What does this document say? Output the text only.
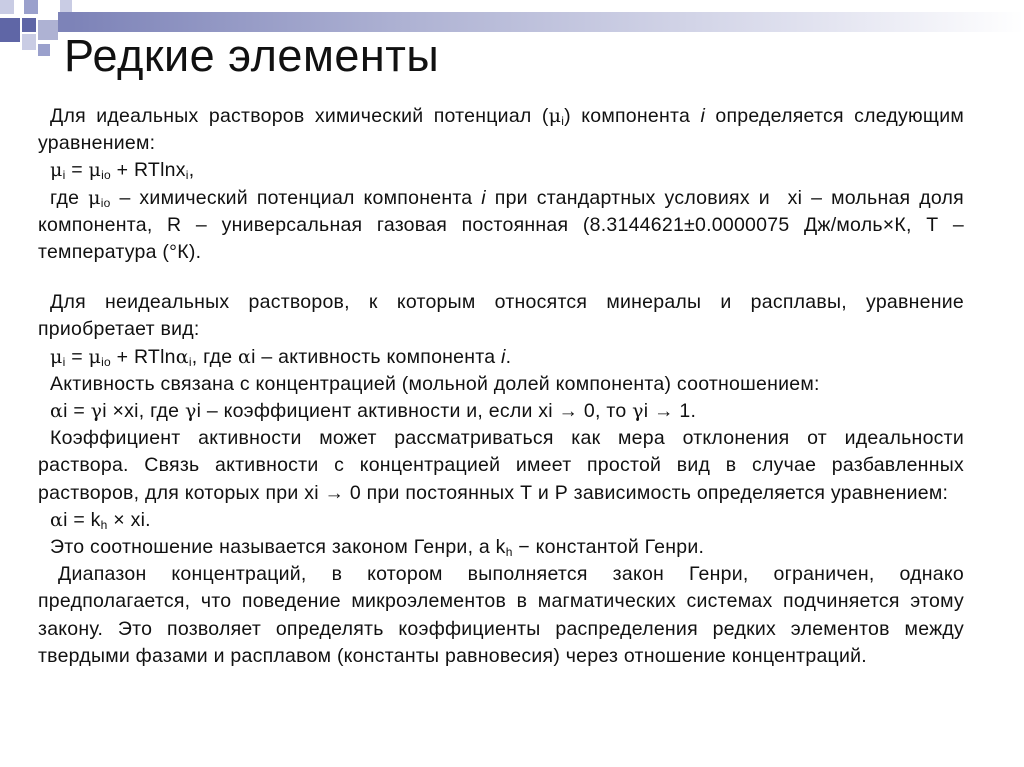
Редкие элементы

Для идеальных растворов химический потенциал $(\mu_i)$ компонента i определяется следующим уравнением:

$\mu_i = \mu_{io} + RTlnx_i$,

где $\mu_{io}$ – химический потенциал компонента i при стандартных условиях и  xi – мольная доля компонента, R – универсальная газовая постоянная (8.3144621±0.0000075 Дж/моль×К, Т – температура (°К).

Для неидеальных растворов, к которым относятся минералы и расплавы, уравнение приобретает вид:

$\mu_i = \mu_{io} + RTln\alpha_i$, где αi – активность компонента i.

Активность связана с концентрацией (мольной долей компонента) соотношением:

αi = γi ×xi, где γi – коэффициент активности и, если xi → 0, то γi → 1.

Коэффициент активности может рассматриваться как мера отклонения от идеальности раствора. Связь активности с концентрацией имеет простой вид в случае разбавленных растворов, для которых при xi → 0 при постоянных Т и Р зависимость определяется уравнением:

$\alpha i = k_h$ × xi.

Это соотношение называется законом Генри, а $k_h$ − константой Генри.

Диапазон концентраций, в котором выполняется закон Генри, ограничен, однако предполагается, что поведение микроэлементов в магматических системах подчиняется этому закону. Это позволяет определять коэффициенты распределения редких элементов между твердыми фазами и расплавом (константы равновесия) через отношение концентраций.
